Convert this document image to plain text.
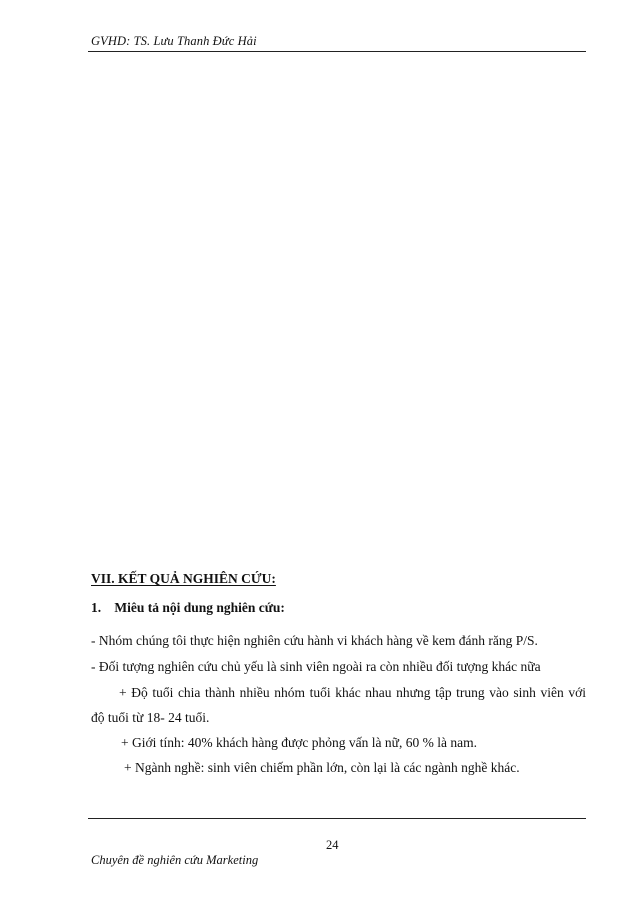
GVHD: TS. Lưu Thanh Đức Hải
VII. KẾT QUẢ NGHIÊN CỨU:
1. Miêu tả nội dung nghiên cứu:
- Nhóm chúng tôi thực hiện nghiên cứu hành vi khách hàng về kem đánh răng P/S.
- Đối tượng nghiên cứu chủ yếu là sinh viên ngoài ra còn nhiều đối tượng khác nữa
+ Độ tuổi chia thành nhiều nhóm tuổi khác nhau nhưng tập trung vào sinh viên với
độ tuổi từ 18- 24 tuổi.
+ Giới tính: 40% khách hàng được phỏng vấn là nữ, 60 % là nam.
+ Ngành nghề: sinh viên chiếm phần lớn, còn lại là các ngành nghề khác.
24
Chuyên đề nghiên cứu Marketing
